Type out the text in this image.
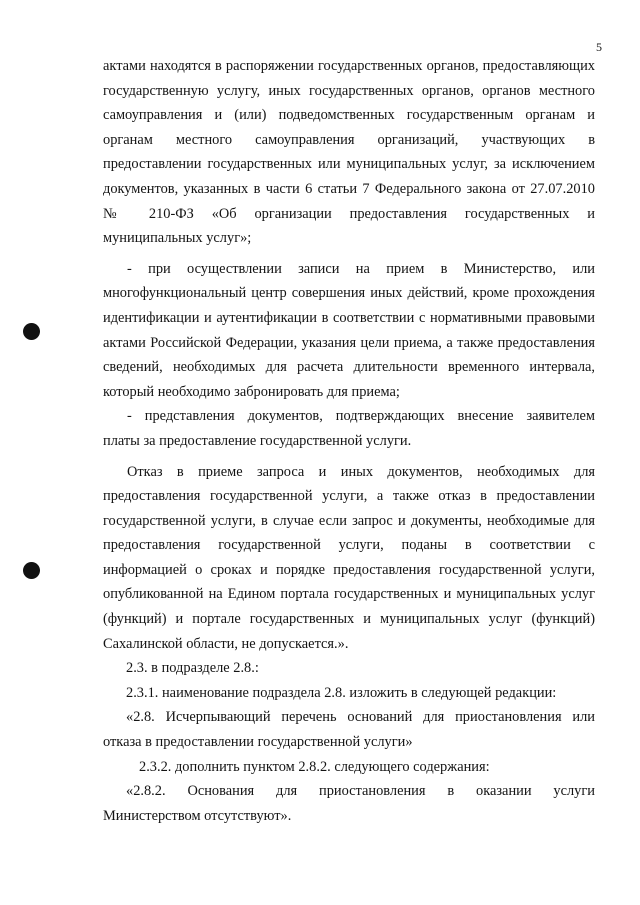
5
актами находятся в распоряжении государственных органов, предоставляющих
государственную услугу, иных государственных органов, органов местного
самоуправления и (или) подведомственных государственным органам и
органам местного самоуправления организаций, участвующих в
предоставлении государственных или муниципальных услуг, за исключением
документов, указанных в части 6 статьи 7 Федерального закона от 27.07.2010
№ 210-ФЗ «Об организации предоставления государственных и
муниципальных услуг»;
- при осуществлении записи на прием в Министерство, или
многофункциональный центр совершения иных действий, кроме прохождения
идентификации и аутентификации в соответствии с нормативными правовыми
актами Российской Федерации, указания цели приема, а также предоставления
сведений, необходимых для расчета длительности временного интервала,
который необходимо забронировать для приема;
- представления документов, подтверждающих внесение заявителем
платы за предоставление государственной услуги.
Отказ в приеме запроса и иных документов, необходимых для
предоставления государственной услуги, а также отказ в предоставлении
государственной услуги, в случае если запрос и документы, необходимые для
предоставления государственной услуги, поданы в соответствии с
информацией о сроках и порядке предоставления государственной услуги,
опубликованной на Едином портала государственных и муниципальных услуг
(функций) и портале государственных и муниципальных услуг (функций)
Сахалинской области, не допускается.».
2.3. в подразделе 2.8.:
2.3.1. наименование подраздела 2.8. изложить в следующей редакции:
«2.8. Исчерпывающий перечень оснований для приостановления или
отказа в предоставлении государственной услуги»
2.3.2. дополнить пунктом 2.8.2. следующего содержания:
«2.8.2. Основания для приостановления в оказании услуги
Министерством отсутствуют».
